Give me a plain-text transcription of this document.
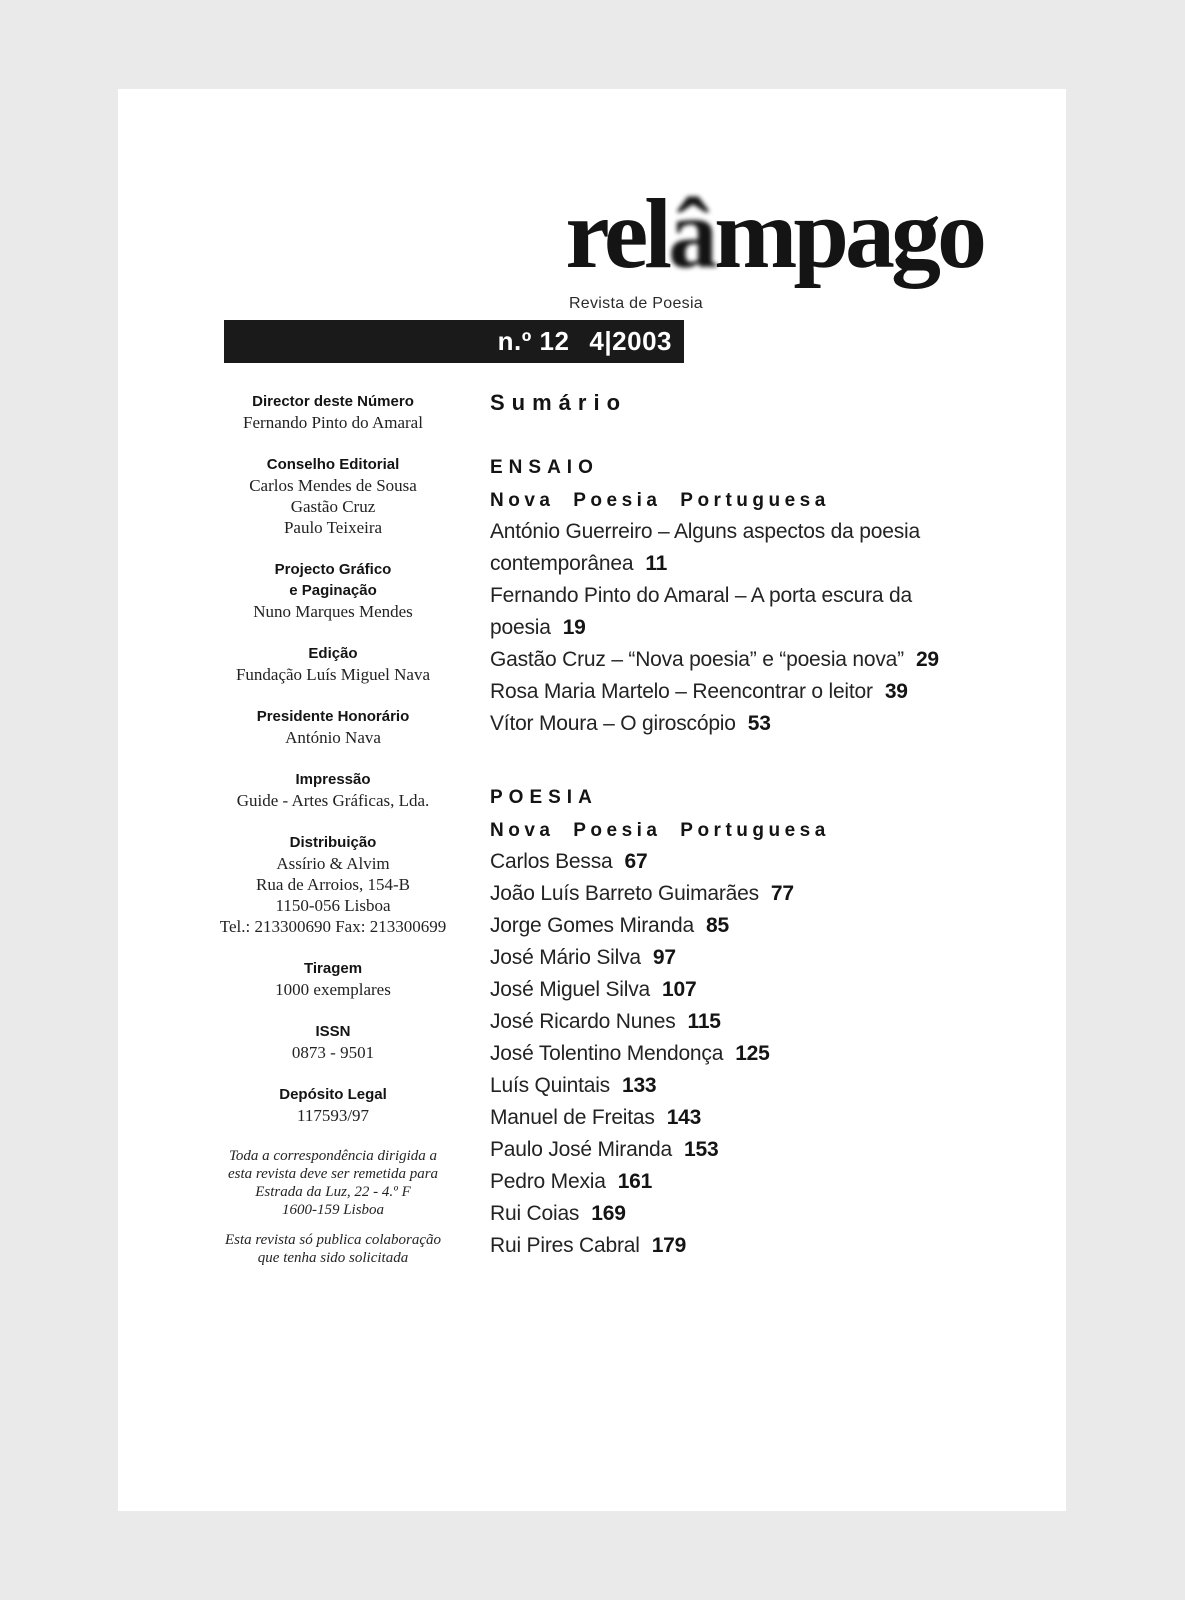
relâmpago
Revista de Poesia
n.º 12 4|2003
Director deste Número
Fernando Pinto do Amaral
Conselho Editorial
Carlos Mendes de Sousa
Gastão Cruz
Paulo Teixeira
Projecto Gráfico
e Paginação
Nuno Marques Mendes
Edição
Fundação Luís Miguel Nava
Presidente Honorário
António Nava
Impressão
Guide - Artes Gráficas, Lda.
Distribuição
Assírio & Alvim
Rua de Arroios, 154-B
1150-056 Lisboa
Tel.: 213300690 Fax: 213300699
Tiragem
1000 exemplares
ISSN
0873 - 9501
Depósito Legal
117593/97
Toda a correspondência dirigida a
esta revista deve ser remetida para
Estrada da Luz, 22 - 4.º F
1600-159 Lisboa
Esta revista só publica colaboração
que tenha sido solicitada
Sumário
ENSAIO
Nova Poesia Portuguesa
António Guerreiro – Alguns aspectos da poesia
contemporânea 11
Fernando Pinto do Amaral – A porta escura da
poesia 19
Gastão Cruz – “Nova poesia” e “poesia nova” 29
Rosa Maria Martelo – Reencontrar o leitor 39
Vítor Moura – O giroscópio 53
POESIA
Nova Poesia Portuguesa
Carlos Bessa 67
João Luís Barreto Guimarães 77
Jorge Gomes Miranda 85
José Mário Silva 97
José Miguel Silva 107
José Ricardo Nunes 115
José Tolentino Mendonça 125
Luís Quintais 133
Manuel de Freitas 143
Paulo José Miranda 153
Pedro Mexia 161
Rui Coias 169
Rui Pires Cabral 179
